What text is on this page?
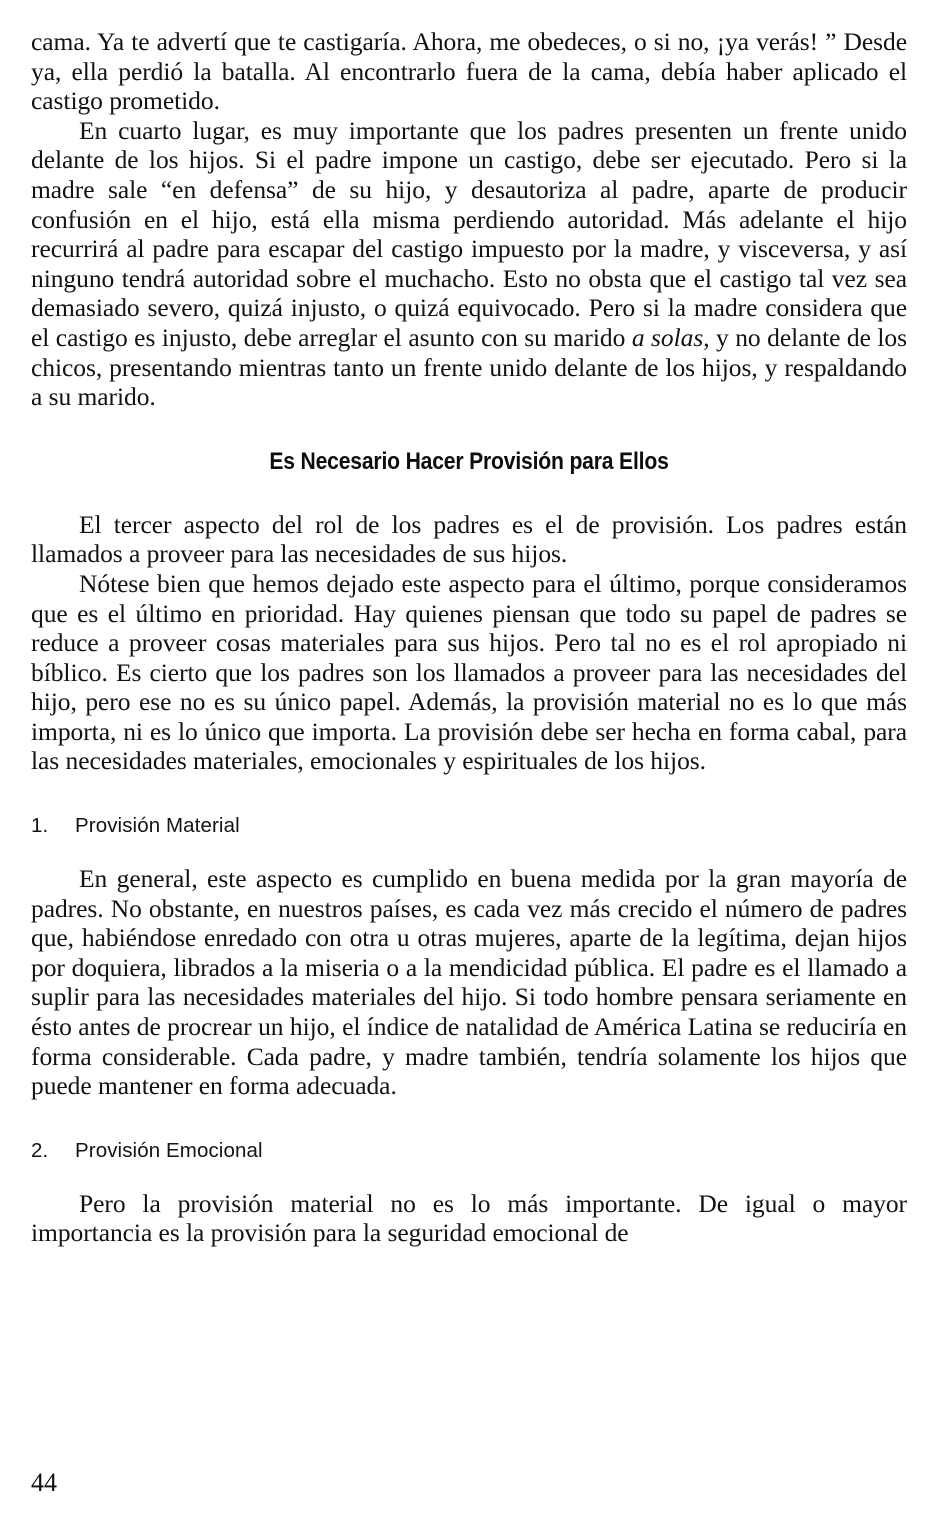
cama. Ya te advertí que te castigaría. Ahora, me obedeces, o si no, ¡ya verás! ” Desde ya, ella perdió la batalla. Al encontrarlo fuera de la cama, debía haber aplicado el castigo prometido.

En cuarto lugar, es muy importante que los padres presenten un frente unido delante de los hijos. Si el padre impone un castigo, debe ser ejecutado. Pero si la madre sale “en defensa” de su hijo, y desautoriza al padre, aparte de producir confusión en el hijo, está ella misma perdiendo autoridad. Más adelante el hijo recurrirá al padre para escapar del castigo impuesto por la madre, y visceversa, y así ninguno tendrá autoridad sobre el muchacho. Esto no obsta que el castigo tal vez sea demasiado severo, quizá injusto, o quizá equivocado. Pero si la madre considera que el castigo es injusto, debe arreglar el asunto con su marido a solas, y no delante de los chicos, presentando mientras tanto un frente unido delante de los hijos, y respaldando a su marido.

Es Necesario Hacer Provisión para Ellos

El tercer aspecto del rol de los padres es el de provisión. Los padres están llamados a proveer para las necesidades de sus hijos.

Nótese bien que hemos dejado este aspecto para el último, porque consideramos que es el último en prioridad. Hay quienes piensan que todo su papel de padres se reduce a proveer cosas materiales para sus hijos. Pero tal no es el rol apropiado ni bíblico. Es cierto que los padres son los llamados a proveer para las necesidades del hijo, pero ese no es su único papel. Además, la provisión material no es lo que más importa, ni es lo único que importa. La provisión debe ser hecha en forma cabal, para las necesidades materiales, emocionales y espirituales de los hijos.

1.	Provisión Material

En general, este aspecto es cumplido en buena medida por la gran mayoría de padres. No obstante, en nuestros países, es cada vez más crecido el número de padres que, habiéndose enredado con otra u otras mujeres, aparte de la legítima, dejan hijos por doquiera, librados a la miseria o a la mendicidad pública. El padre es el llamado a suplir para las necesidades materiales del hijo. Si todo hombre pensara seriamente en ésto antes de procrear un hijo, el índice de natalidad de América Latina se reduciría en forma considerable. Cada padre, y madre también, tendría solamente los hijos que puede mantener en forma adecuada.

2.	Provisión Emocional

Pero la provisión material no es lo más importante. De igual o mayor importancia es la provisión para la seguridad emocional de

44
